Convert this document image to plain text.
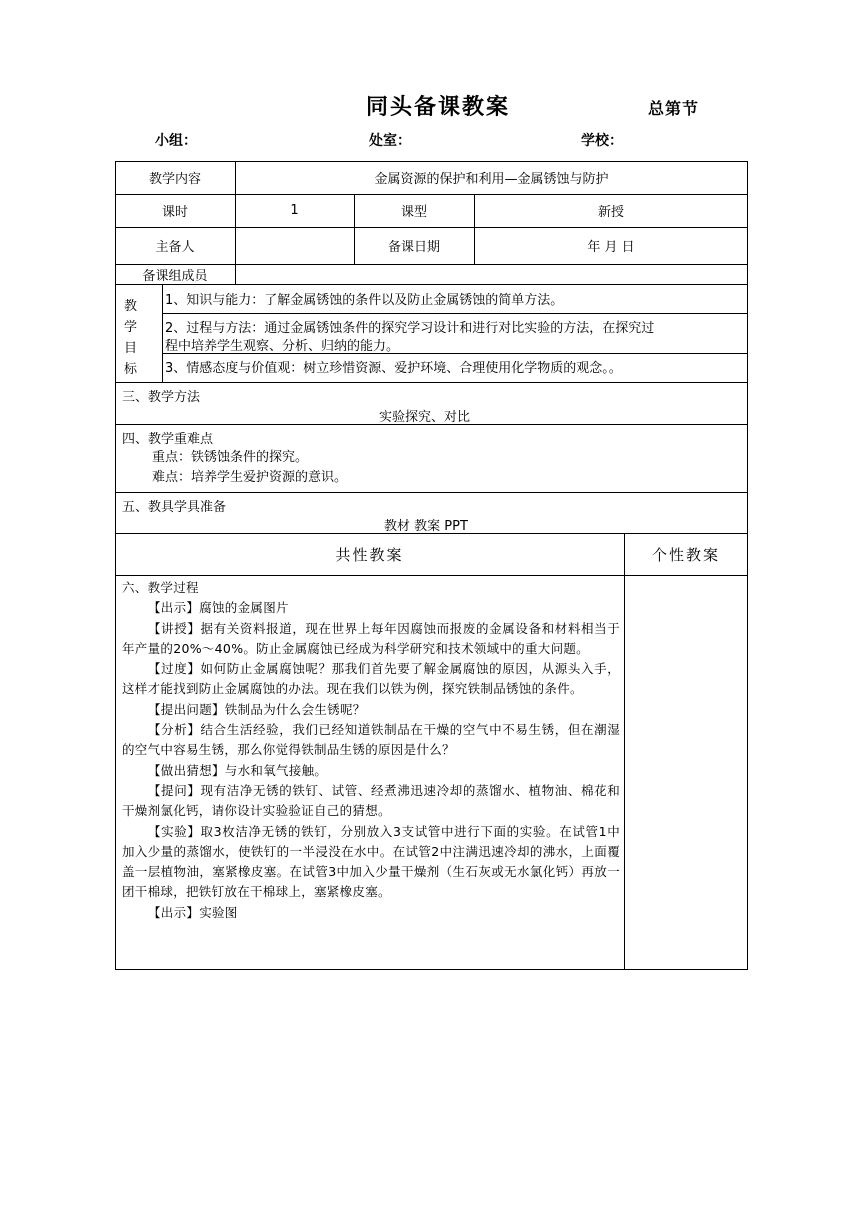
同头备课教案	总第节
小组：	处室：	学校：
教学内容	金属资源的保护和利用—金属锈蚀与防护
课时	1	课型	新授
主备人	备课日期	年 月 日
备课组成员
教
学
目
标
1、知识与能力：了解金属锈蚀的条件以及防止金属锈蚀的简单方法。
2、过程与方法：通过金属锈蚀条件的探究学习设计和进行对比实验的方法，在探究过
程中培养学生观察、分析、归纳的能力。
3、情感态度与价值观：树立珍惜资源、爱护环境、合理使用化学物质的观念。。
三、教学方法
实验探究、对比
四、教学重难点
重点：铁锈蚀条件的探究。
难点：培养学生爱护资源的意识。
五、教具学具准备
教材 教案 PPT
共性教案	个性教案

六、教学过程

【出示】腐蚀的金属图片

【讲授】据有关资料报道，现在世界上每年因腐蚀而报废的金属设备和材料相当于年产量的20%～40%。防止金属腐蚀已经成为科学研究和技术领域中的重大问题。

【过度】如何防止金属腐蚀呢？那我们首先要了解金属腐蚀的原因，从源头入手，这样才能找到防止金属腐蚀的办法。现在我们以铁为例，探究铁制品锈蚀的条件。

【提出问题】铁制品为什么会生锈呢？

【分析】结合生活经验，我们已经知道铁制品在干燥的空气中不易生锈，但在潮湿的空气中容易生锈，那么你觉得铁制品生锈的原因是什么？

【做出猜想】与水和氧气接触。

【提问】现有洁净无锈的铁钉、试管、经煮沸迅速冷却的蒸馏水、植物油、棉花和干燥剂氯化钙，请你设计实验验证自己的猜想。

【实验】取3枚洁净无锈的铁钉，分别放入3支试管中进行下面的实验。在试管1中加入少量的蒸馏水，使铁钉的一半浸没在水中。在试管2中注满迅速冷却的沸水，上面覆盖一层植物油，塞紧橡皮塞。在试管3中加入少量干燥剂（生石灰或无水氯化钙）再放一团干棉球，把铁钉放在干棉球上，塞紧橡皮塞。

【出示】实验图
